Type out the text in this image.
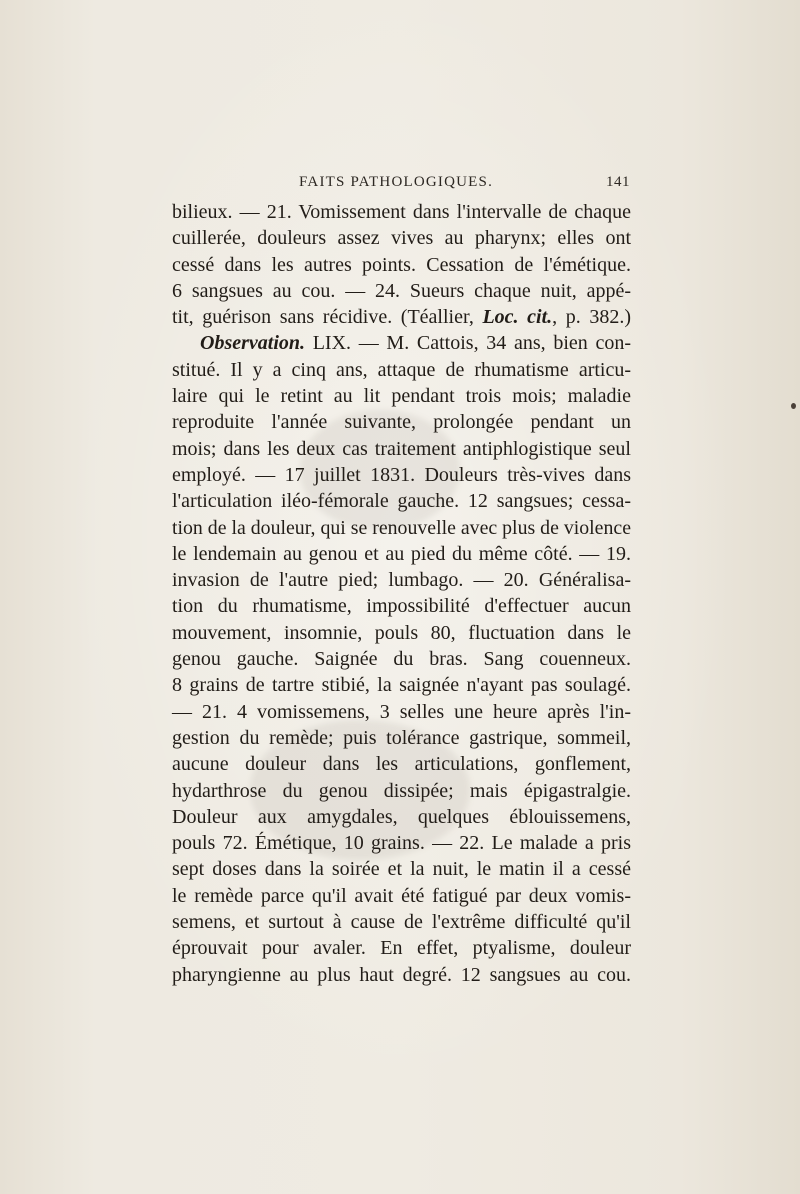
FAITS PATHOLOGIQUES.	141
bilieux. — 21. Vomissement dans l'intervalle de chaque
cuillerée, douleurs assez vives au pharynx; elles ont
cessé dans les autres points. Cessation de l'émétique.
6 sangsues au cou. — 24. Sueurs chaque nuit, appé-
tit, guérison sans récidive. (Téallier, Loc. cit., p. 382.)
Observation. LIX. — M. Cattois, 34 ans, bien con-
stitué. Il y a cinq ans, attaque de rhumatisme articu-
laire qui le retint au lit pendant trois mois; maladie
reproduite l'année suivante, prolongée pendant un
mois; dans les deux cas traitement antiphlogistique seul
employé. — 17 juillet 1831. Douleurs très-vives dans
l'articulation iléo-fémorale gauche. 12 sangsues; cessa-
tion de la douleur, qui se renouvelle avec plus de violence
le lendemain au genou et au pied du même côté. — 19.
invasion de l'autre pied; lumbago. — 20. Généralisa-
tion du rhumatisme, impossibilité d'effectuer aucun
mouvement, insomnie, pouls 80, fluctuation dans le
genou gauche. Saignée du bras. Sang couenneux.
8 grains de tartre stibié, la saignée n'ayant pas soulagé.
— 21. 4 vomissemens, 3 selles une heure après l'in-
gestion du remède; puis tolérance gastrique, sommeil,
aucune douleur dans les articulations, gonflement,
hydarthrose du genou dissipée; mais épigastralgie.
Douleur aux amygdales, quelques éblouissemens,
pouls 72. Émétique, 10 grains. — 22. Le malade a pris
sept doses dans la soirée et la nuit, le matin il a cessé
le remède parce qu'il avait été fatigué par deux vomis-
semens, et surtout à cause de l'extrême difficulté qu'il
éprouvait pour avaler. En effet, ptyalisme, douleur
pharyngienne au plus haut degré. 12 sangsues au cou.
